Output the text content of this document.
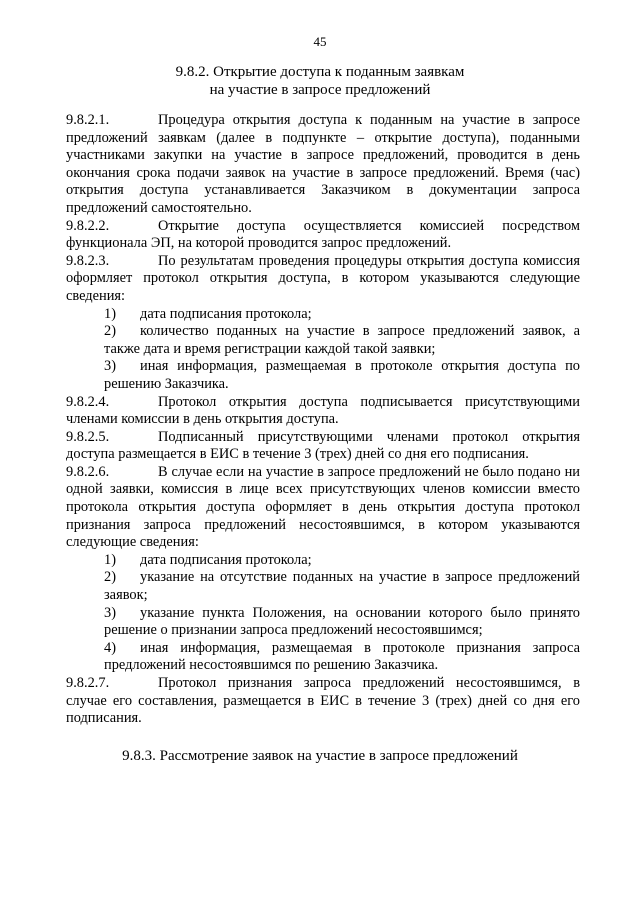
45
9.8.2. Открытие доступа к поданным заявкам
на участие в запросе предложений

9.8.2.1.	Процедура открытия доступа к поданным на участие в запросе предложений заявкам (далее в подпункте – открытие доступа), поданными участниками закупки на участие в запросе предложений, проводится в день окончания срока подачи заявок на участие в запросе предложений. Время (час) открытия доступа устанавливается Заказчиком в документации запроса предложений самостоятельно.

9.8.2.2.	Открытие доступа осуществляется комиссией посредством функционала ЭП, на которой проводится запрос предложений.

9.8.2.3.	По результатам проведения процедуры открытия доступа комиссия оформляет протокол открытия доступа, в котором указываются следующие сведения:

1) дата подписания протокола;

2) количество поданных на участие в запросе предложений заявок, а также дата и время регистрации каждой такой заявки;

3) иная информация, размещаемая в протоколе открытия доступа по решению Заказчика.

9.8.2.4.	Протокол открытия доступа подписывается присутствующими членами комиссии в день открытия доступа.

9.8.2.5.	Подписанный присутствующими членами протокол открытия доступа размещается в ЕИС в течение 3 (трех) дней со дня его подписания.

9.8.2.6.	В случае если на участие в запросе предложений не было подано ни одной заявки, комиссия в лице всех присутствующих членов комиссии вместо протокола открытия доступа оформляет в день открытия доступа протокол признания запроса предложений несостоявшимся, в котором указываются следующие сведения:

1) дата подписания протокола;

2) указание на отсутствие поданных на участие в запросе предложений заявок;

3) указание пункта Положения, на основании которого было принято решение о признании запроса предложений несостоявшимся;

4) иная информация, размещаемая в протоколе признания запроса предложений несостоявшимся по решению Заказчика.

9.8.2.7.	Протокол признания запроса предложений несостоявшимся, в случае его составления, размещается в ЕИС в течение 3 (трех) дней со дня его подписания.

9.8.3. Рассмотрение заявок на участие в запросе предложений
